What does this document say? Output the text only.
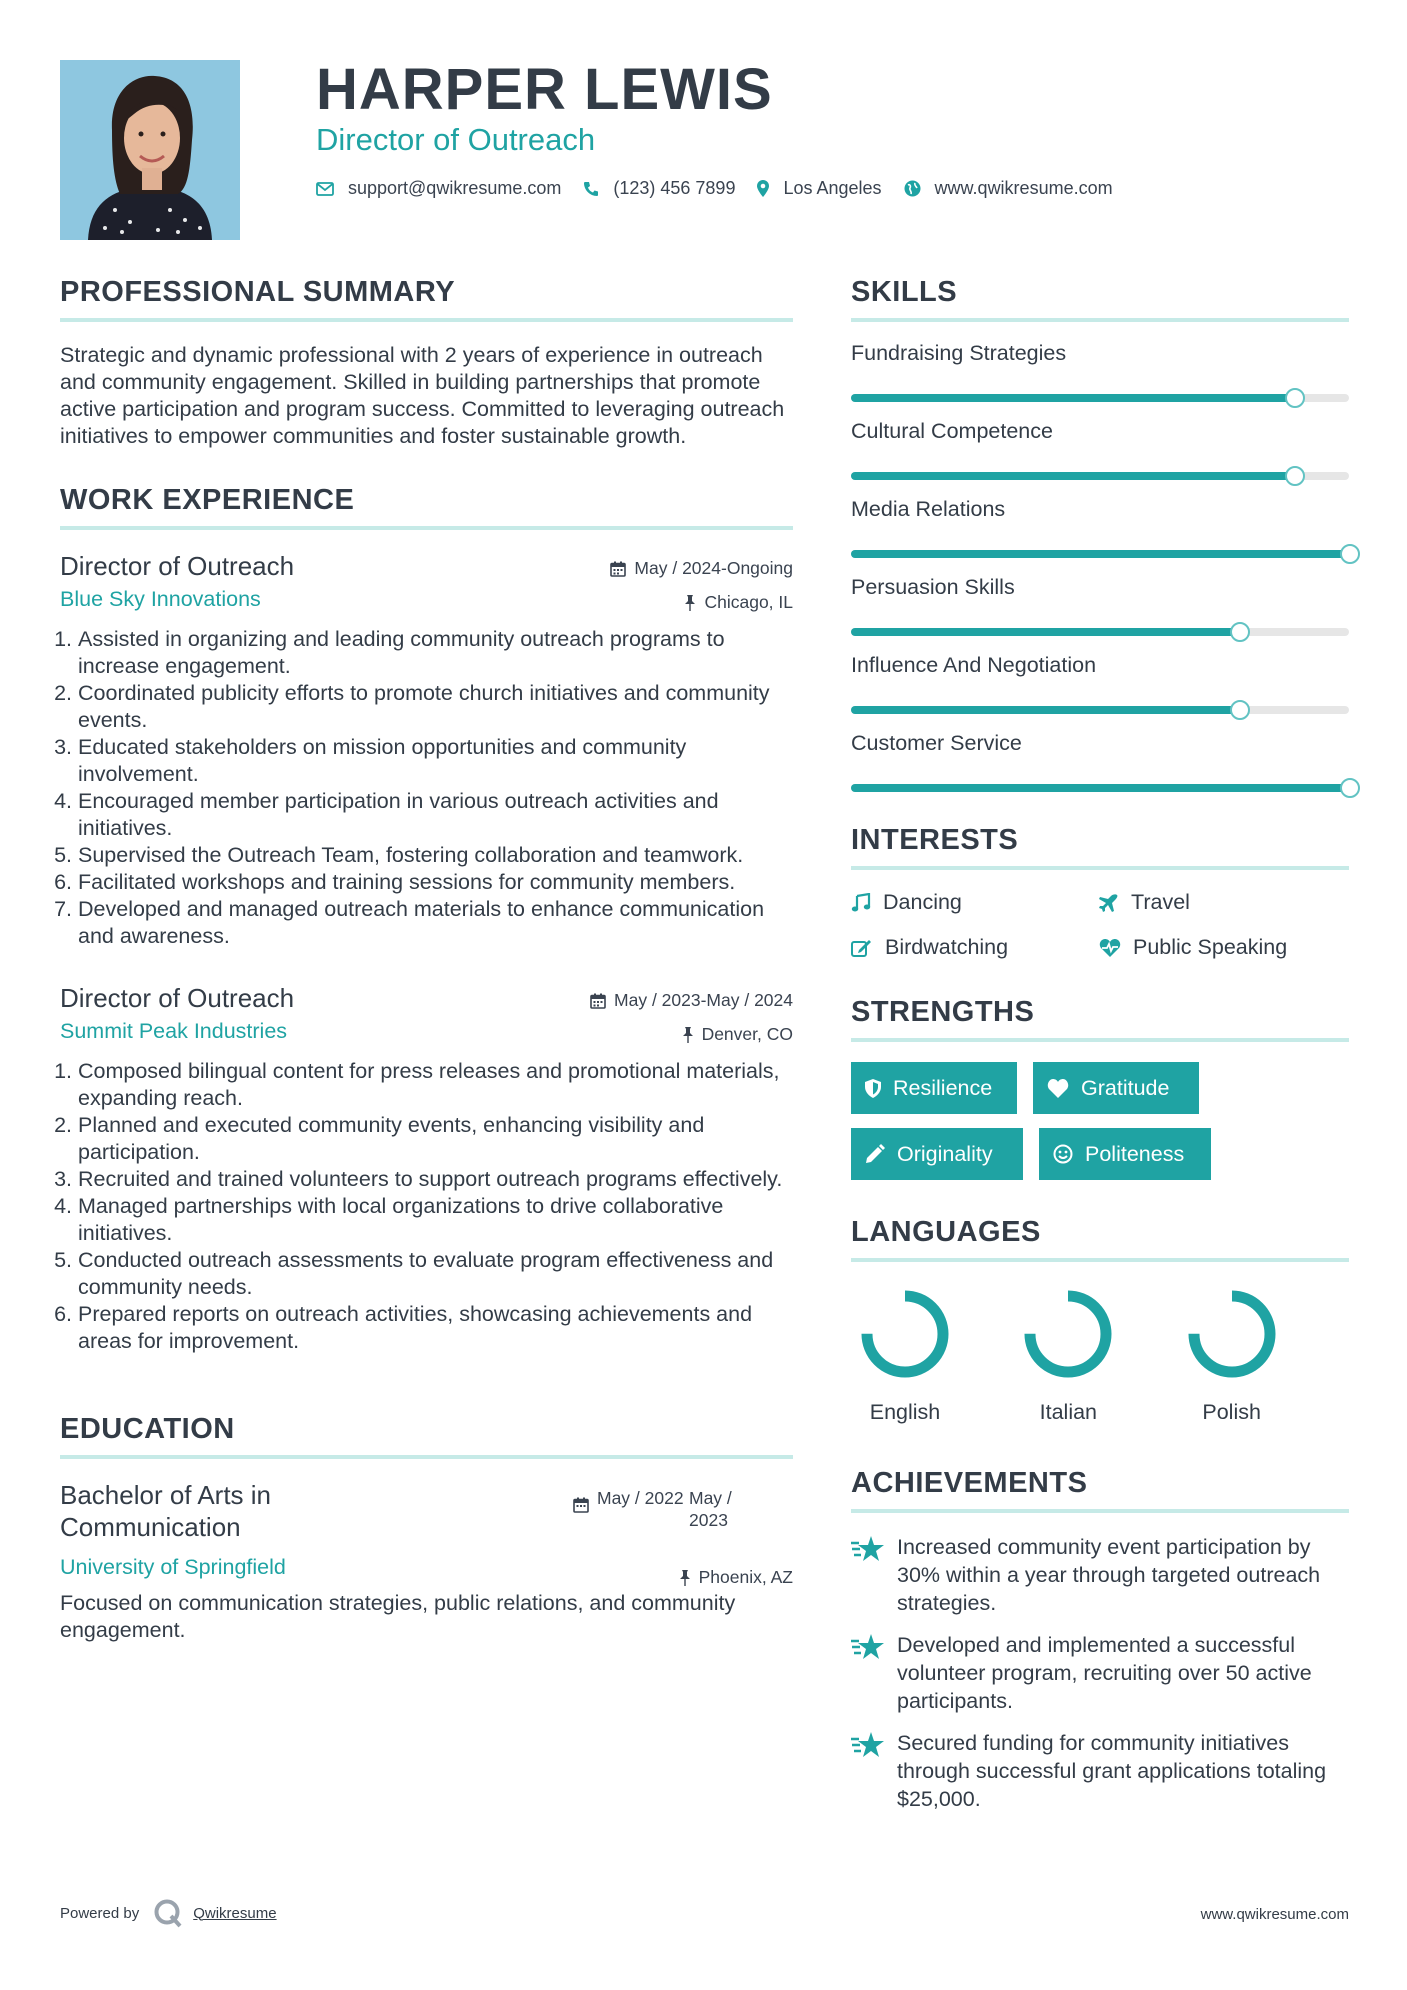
HARPER LEWIS
Director of Outreach
support@qwikresume.com	(123) 456 7899	Los Angeles	www.qwikresume.com
PROFESSIONAL SUMMARY

Strategic and dynamic professional with 2 years of experience in outreach and community engagement. Skilled in building partnerships that promote active participation and program success. Committed to leveraging outreach initiatives to empower communities and foster sustainable growth.

WORK EXPERIENCE
Director of Outreach
Blue Sky Innovations
May / 2024-Ongoing
Chicago, IL
1. Assisted in organizing and leading community outreach programs to increase engagement.
2. Coordinated publicity efforts to promote church initiatives and community events.
3. Educated stakeholders on mission opportunities and community involvement.
4. Encouraged member participation in various outreach activities and initiatives.
5. Supervised the Outreach Team, fostering collaboration and teamwork.
6. Facilitated workshops and training sessions for community members.
7. Developed and managed outreach materials to enhance communication and awareness.
Director of Outreach
Summit Peak Industries
May / 2023-May / 2024
Denver, CO
1. Composed bilingual content for press releases and promotional materials, expanding reach.
2. Planned and executed community events, enhancing visibility and participation.
3. Recruited and trained volunteers to support outreach programs effectively.
4. Managed partnerships with local organizations to drive collaborative initiatives.
5. Conducted outreach assessments to evaluate program effectiveness and community needs.
6. Prepared reports on outreach activities, showcasing achievements and areas for improvement.
EDUCATION
Bachelor of Arts in Communication
May / 2022 May / 2023
Phoenix, AZ
University of Springfield
Focused on communication strategies, public relations, and community engagement.
SKILLS
Fundraising Strategies
Cultural Competence
Media Relations
Persuasion Skills
Influence And Negotiation
Customer Service
INTERESTS
Dancing	Travel
Birdwatching	Public Speaking
STRENGTHS
Resilience	Gratitude
Originality	Politeness
LANGUAGES
English	Italian	Polish
ACHIEVEMENTS
Increased community event participation by 30% within a year through targeted outreach strategies.
Developed and implemented a successful volunteer program, recruiting over 50 active participants.
Secured funding for community initiatives through successful grant applications totaling $25,000.
Powered by	Qwikresume	www.qwikresume.com
